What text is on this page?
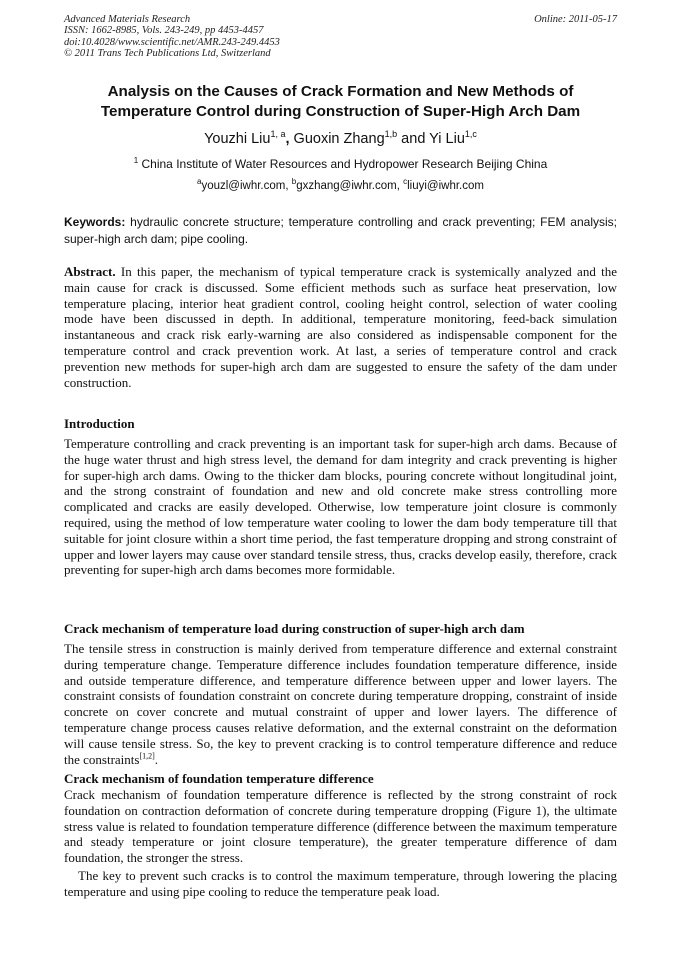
Advanced Materials Research
ISSN: 1662-8985, Vols. 243-249, pp 4453-4457
doi:10.4028/www.scientific.net/AMR.243-249.4453
© 2011 Trans Tech Publications Ltd, Switzerland
Online: 2011-05-17
Analysis on the Causes of Crack Formation and New Methods of
Temperature Control during Construction of Super-High Arch Dam
Youzhi Liu$^{1, a}$, Guoxin Zhang$^{1,b}$ and Yi Liu$^{1,c}$
$^1$ China Institute of Water Resources and Hydropower Research Beijing China
$^a$youzl@iwhr.com, $^b$gxzhang@iwhr.com, $^c$liuyi@iwhr.com
Keywords: hydraulic concrete structure; temperature controlling and crack preventing; FEM analysis; super-high arch dam; pipe cooling.
Abstract. In this paper, the mechanism of typical temperature crack is systemically analyzed and the main cause for crack is discussed. Some efficient methods such as surface heat preservation, low temperature placing, interior heat gradient control, cooling height control, selection of water cooling mode have been discussed in depth. In additional, temperature monitoring, feed-back simulation instantaneous and crack risk early-warning are also considered as indispensable component for the temperature control and crack prevention work. At last, a series of temperature control and crack prevention new methods for super-high arch dam are suggested to ensure the safety of the dam under construction.
Introduction
Temperature controlling and crack preventing is an important task for super-high arch dams. Because of the huge water thrust and high stress level, the demand for dam integrity and crack preventing is higher for super-high arch dams. Owing to the thicker dam blocks, pouring concrete without longitudinal joint, and the strong constraint of foundation and new and old concrete make stress controlling more complicated and cracks are easily developed. Otherwise, low temperature joint closure is commonly required, using the method of low temperature water cooling to lower the dam body temperature till that suitable for joint closure within a short time period, the fast temperature dropping and strong constraint of upper and lower layers may cause over standard tensile stress, thus, cracks develop easily, therefore, crack preventing for super-high arch dams becomes more formidable.
Crack mechanism of temperature load during construction of super-high arch dam
The tensile stress in construction is mainly derived from temperature difference and external constraint during temperature change. Temperature difference includes foundation temperature difference, inside and outside temperature difference, and temperature difference between upper and lower layers. The constraint consists of foundation constraint on concrete during temperature dropping, constraint of inside concrete on cover concrete and mutual constraint of upper and lower layers. The difference of temperature change process causes relative deformation, and the external constraint on the deformation will cause tensile stress. So, the key to prevent cracking is to control temperature difference and reduce the constraints[1,2].
Crack mechanism of foundation temperature difference
Crack mechanism of foundation temperature difference is reflected by the strong constraint of rock foundation on contraction deformation of concrete during temperature dropping (Figure 1), the ultimate stress value is related to foundation temperature difference (difference between the maximum temperature and steady temperature or joint closure temperature), the greater temperature difference of dam foundation, the stronger the stress.
The key to prevent such cracks is to control the maximum temperature, through lowering the placing temperature and using pipe cooling to reduce the temperature peak load.
